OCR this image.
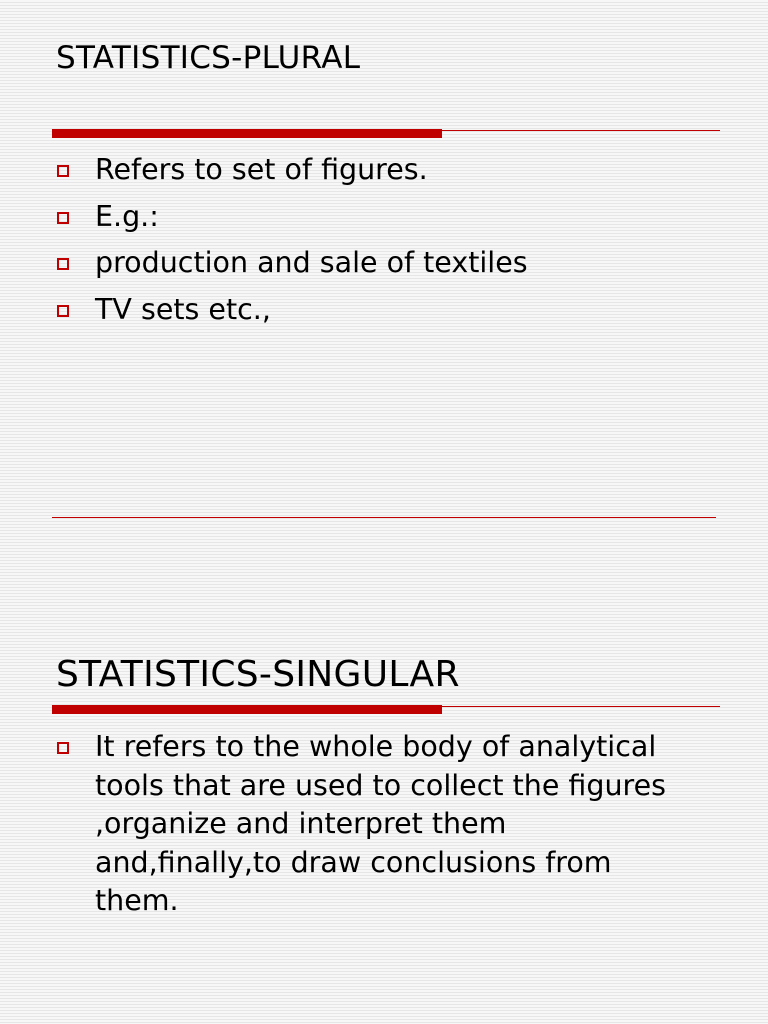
STATISTICS-PLURAL
Refers to set of figures.
E.g.:
production and sale of textiles
TV sets etc.,
STATISTICS-SINGULAR
It refers to the whole body of analytical tools that are used to collect the figures ,organize and interpret them and,finally,to draw conclusions from them.
